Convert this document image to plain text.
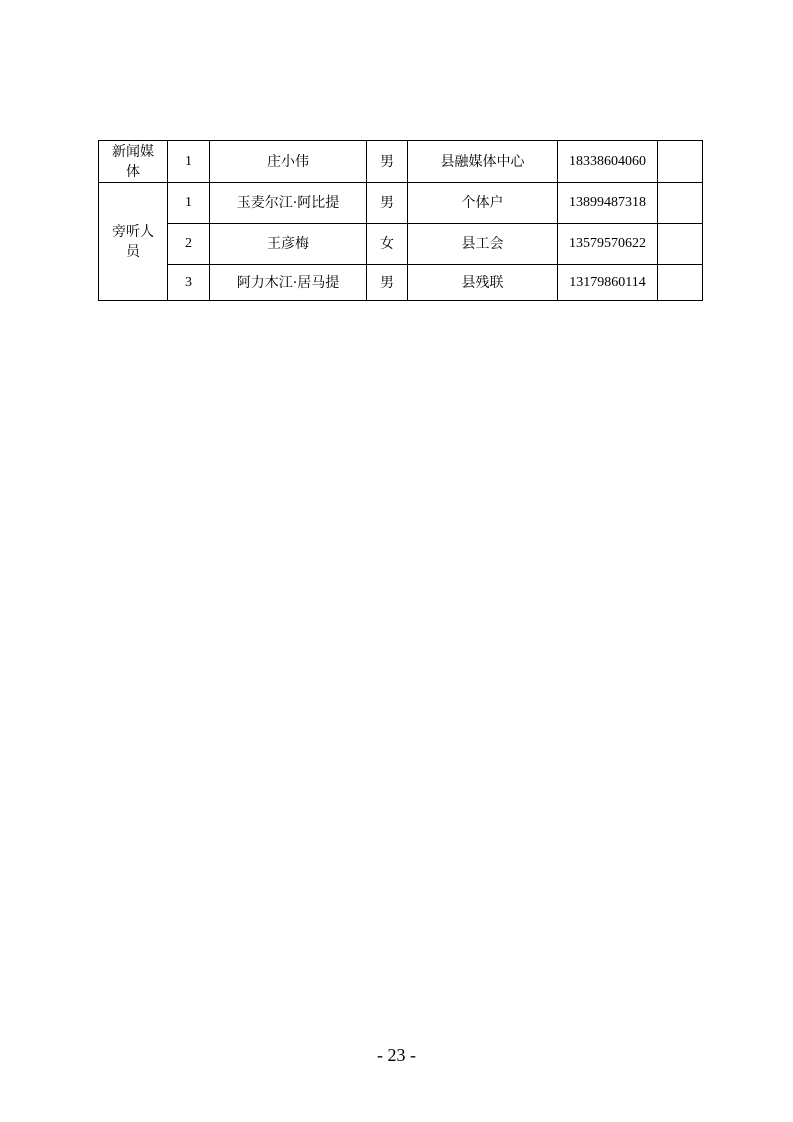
新闻媒体	1	庄小伟	男	县融媒体中心	18338604060	
旁听人员	1	玉麦尔江·阿比提	男	个体户	13899487318	
	2	王彦梅	女	县工会	13579570622	
	3	阿力木江·居马提	男	县残联	13179860114	
- 23 -
